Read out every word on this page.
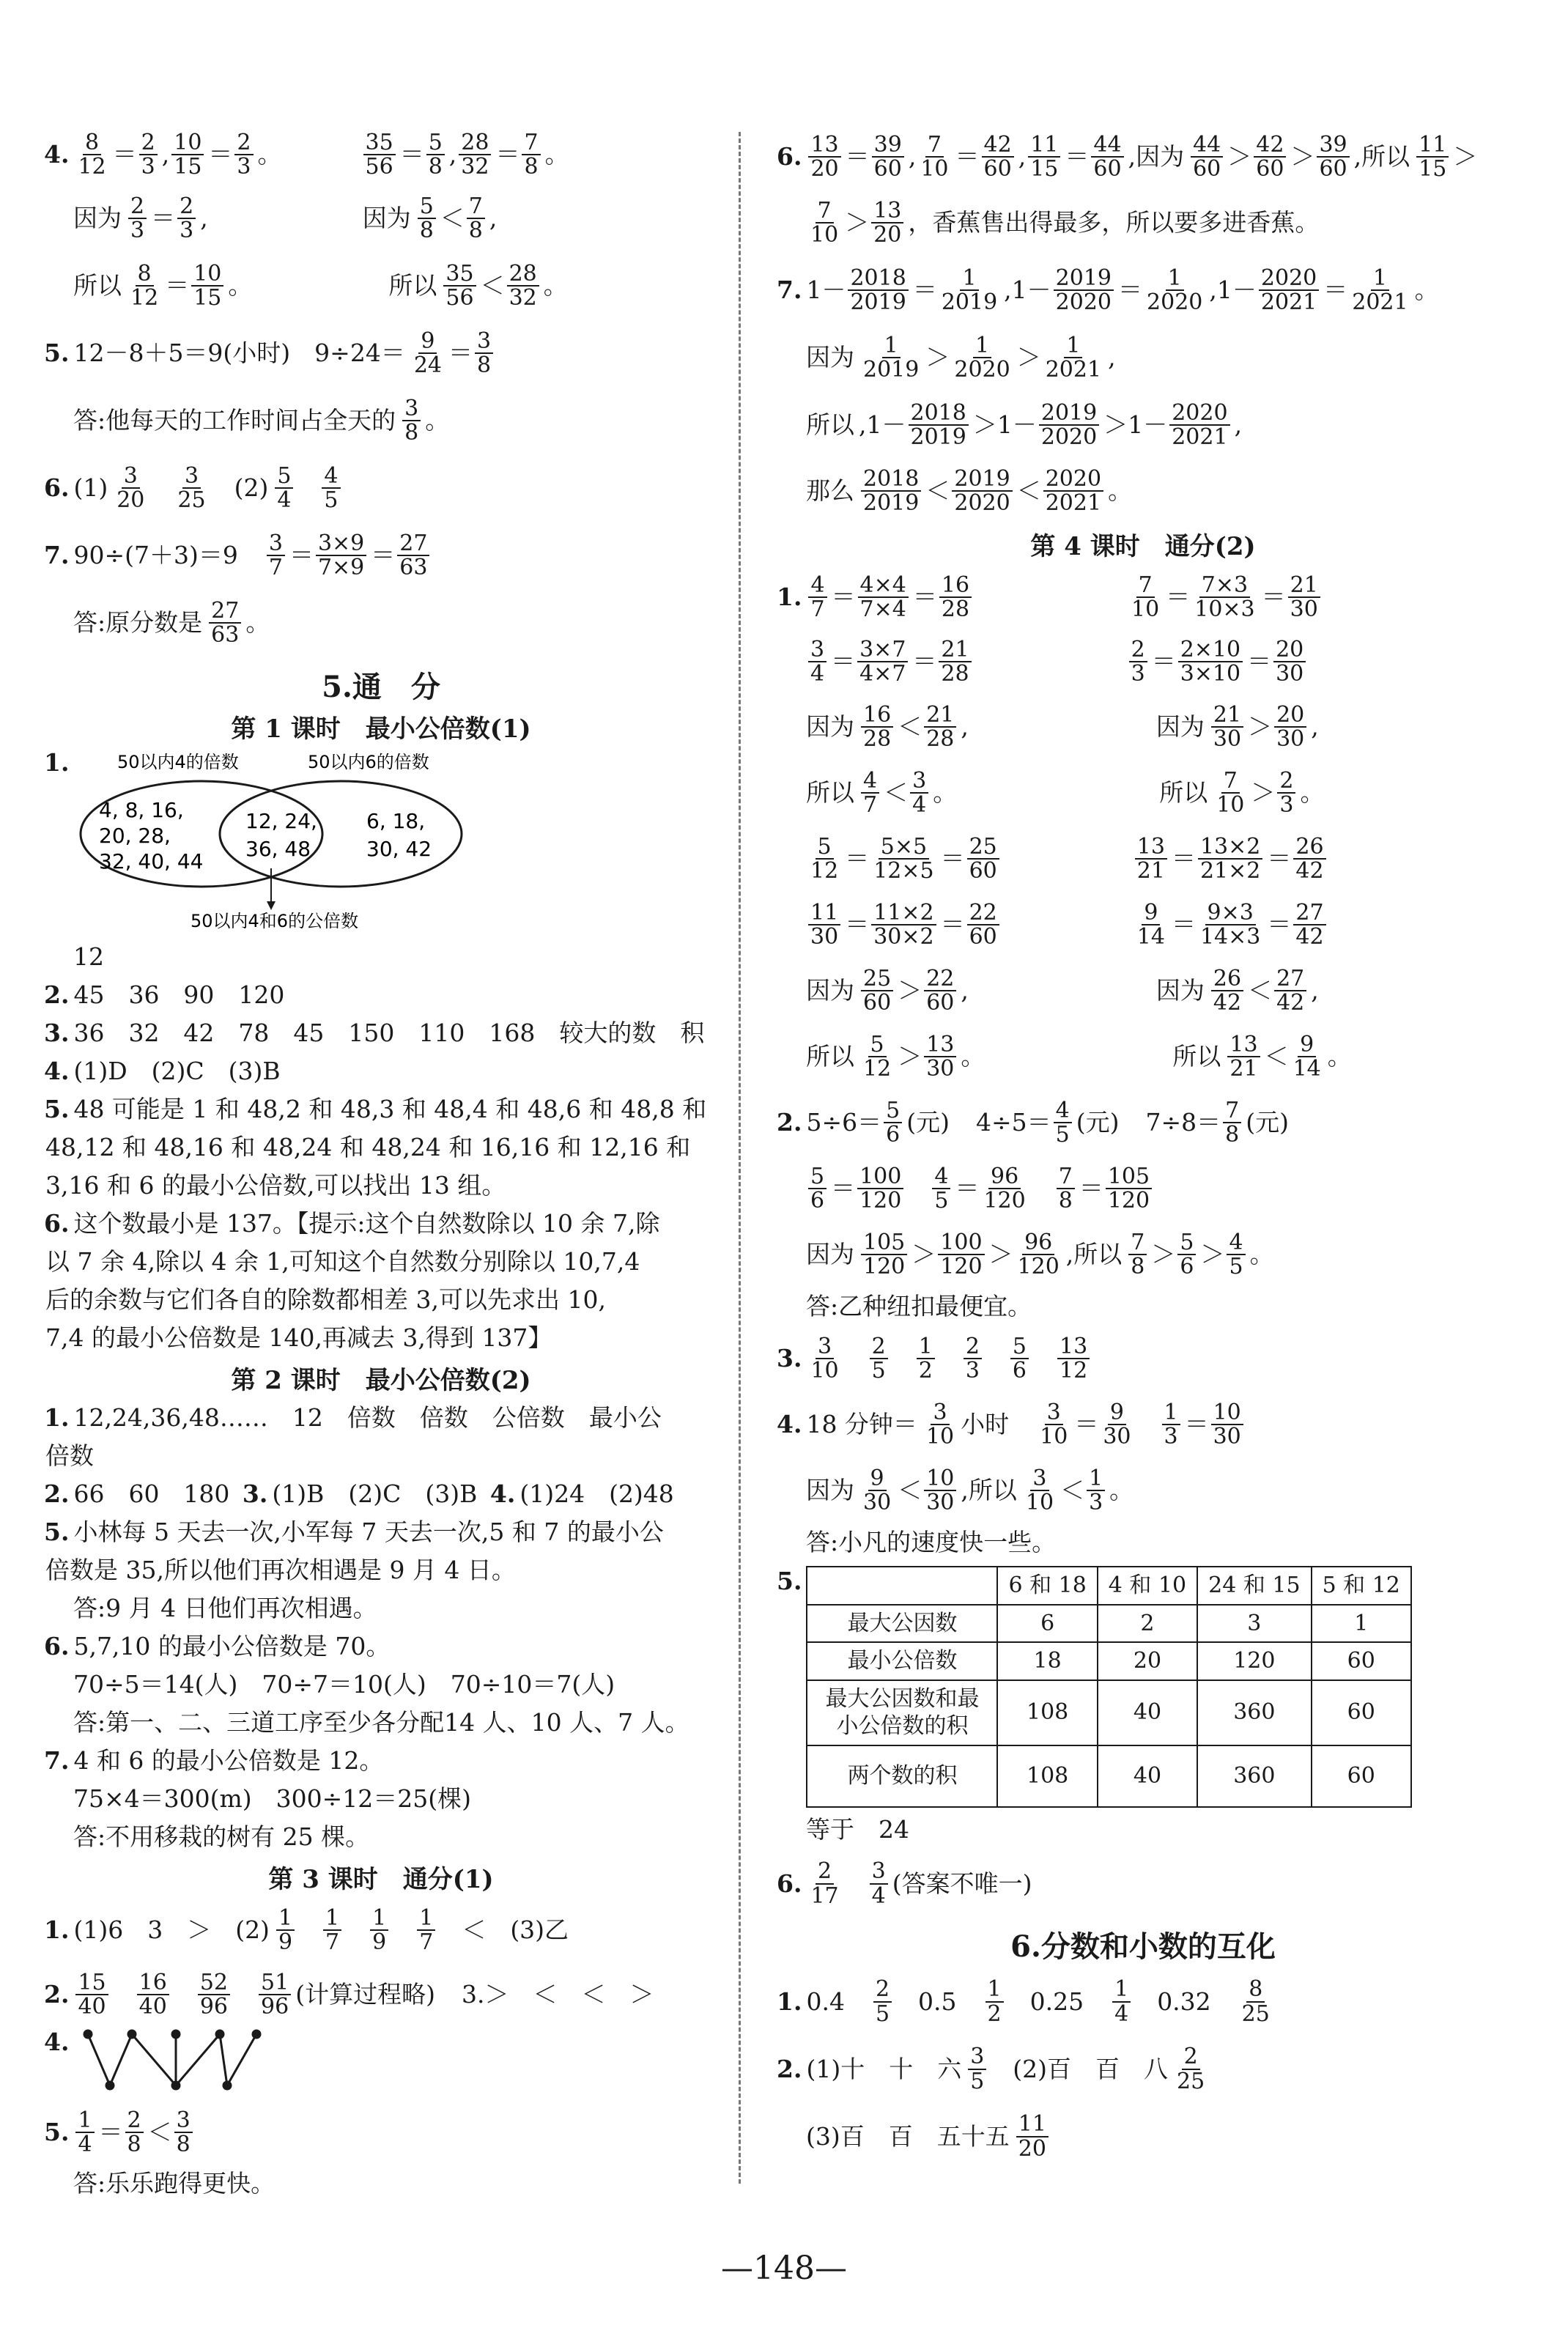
4. $\frac{8}{12} = \frac{2}{3}$ , $\frac{10}{15} = \frac{2}{3}$ 。	$\frac{35}{56} = \frac{5}{8}$ , $\frac{28}{32} = \frac{7}{8}$ 。
因为 $\frac{2}{3} = \frac{2}{3}$ ,	因为 $\frac{5}{8} < \frac{7}{8}$ ,
所以 $\frac{8}{12} = \frac{10}{15}$ 。	所以 $\frac{35}{56} < \frac{28}{32}$ 。
5. 12－8＋5＝9(小时)　$9\div 24= \frac{9}{24} = \frac{3}{8}$
答:他每天的工作时间占全天的 $\frac{3}{8}$ 。
6. $(1) \frac{3}{20} \frac{3}{25} (2) \frac{5}{4} \frac{4}{5}$
7. $90\div(7+3)=9 \frac{3}{7} = \frac{3\times 9}{7\times 9} = \frac{27}{63}$
答:原分数是 $\frac{27}{63}$ 。
5.通　分
第 1 课时　最小公倍数(1)
1.	50以内4的倍数	50以内6的倍数
4, 8, 16,
20, 28,
32, 40, 44
12, 24,
36, 48
6, 18,
30, 42
50以内4和6的公倍数
12
2. 45　36　90　120
3. 36　32　42　78　45　150　110　168　较大的数　积
4. (1)D　(2)C　(3)B
5. 48 可能是 1 和 48,2 和 48,3 和 48,4 和 48,6 和 48,8 和
48,12 和 48,16 和 48,24 和 48,24 和 16,16 和 12,16 和
3,16 和 6 的最小公倍数,可以找出 13 组。
6. 这个数最小是 137。【提示:这个自然数除以 10 余 7,除
以 7 余 4,除以 4 余 1,可知这个自然数分别除以 10,7,4
后的余数与它们各自的除数都相差 3,可以先求出 10,
7,4 的最小公倍数是 140,再减去 3,得到 137】
第 2 课时　最小公倍数(2)
1. 12,24,36,48……　12　倍数　倍数　公倍数　最小公
倍数
2. 66　60　180 3. (1)B　(2)C　(3)B 4. (1)24　(2)48
5. 小林每 5 天去一次,小军每 7 天去一次,5 和 7 的最小公
倍数是 35,所以他们再次相遇是 9 月 4 日。
答:9 月 4 日他们再次相遇。
6. 5,7,10 的最小公倍数是 70。
70÷5＝14(人)　70÷7＝10(人)　70÷10＝7(人)
答:第一、二、三道工序至少各分配14 人、10 人、7 人。
7. 4 和 6 的最小公倍数是 12。
75×4＝300(m)　300÷12＝25(棵)
答:不用移栽的树有 25 棵。
第 3 课时　通分(1)
1. (1)6　3　＞　$(2) \frac{1}{9} \frac{1}{7} \frac{1}{9} \frac{1}{7}$ ＜　(3)乙
2. $\frac{15}{40} \frac{16}{40} \frac{52}{96} \frac{51}{96}$ (计算过程略) 3.＞　＜　＜　＞
4.
5. $\frac{1}{4} = \frac{2}{8} < \frac{3}{8}$
答:乐乐跑得更快。
6. $\frac{13}{20} = \frac{39}{60}$ , $\frac{7}{10} = \frac{42}{60}$ , $\frac{11}{15} = \frac{44}{60}$ , 因为 $\frac{44}{60} > \frac{42}{60} > \frac{39}{60}$ , 所以 $\frac{11}{15}$ ＞
$\frac{7}{10} > \frac{13}{20}$ ，香蕉售出得最多，所以要多进香蕉。
7. $1- \frac{2018}{2019} = \frac{1}{2019} ,1- \frac{2019}{2020} = \frac{1}{2020} ,1- \frac{2020}{2021} = \frac{1}{2021}$ 。
因为 $\frac{1}{2019} > \frac{1}{2020} > \frac{1}{2021}$ ,
所以 $,1- \frac{2018}{2019} >1- \frac{2019}{2020} >1- \frac{2020}{2021}$ ,
那么 $\frac{2018}{2019} < \frac{2019}{2020} < \frac{2020}{2021}$ 。
第 4 课时　通分(2)
1. $\frac{4}{7} = \frac{4\times 4}{7\times 4} = \frac{16}{28}$	$\frac{7}{10} = \frac{7\times 3}{10\times 3} = \frac{21}{30}$
$\frac{3}{4} = \frac{3\times 7}{4\times 7} = \frac{21}{28}$	$\frac{2}{3} = \frac{2\times 10}{3\times 10} = \frac{20}{30}$
因为 $\frac{16}{28} < \frac{21}{28}$ ,	因为 $\frac{21}{30} > \frac{20}{30}$ ,
所以 $\frac{4}{7} < \frac{3}{4}$ 。	所以 $\frac{7}{10} > \frac{2}{3}$ 。
$\frac{5}{12} = \frac{5\times 5}{12\times 5} = \frac{25}{60}$	$\frac{13}{21} = \frac{13\times 2}{21\times 2} = \frac{26}{42}$
$\frac{11}{30} = \frac{11\times 2}{30\times 2} = \frac{22}{60}$	$\frac{9}{14} = \frac{9\times 3}{14\times 3} = \frac{27}{42}$
因为 $\frac{25}{60} > \frac{22}{60}$ ,	因为 $\frac{26}{42} < \frac{27}{42}$ ,
所以 $\frac{5}{12} > \frac{13}{30}$ 。	所以 $\frac{13}{21} < \frac{9}{14}$ 。
2. $5\div 6= \frac{5}{6}$ (元) $4\div 5= \frac{4}{5}$ (元) $7\div 8= \frac{7}{8}$ (元)
$\frac{5}{6} = \frac{100}{120} \frac{4}{5} = \frac{96}{120} \frac{7}{8} = \frac{105}{120}$
因为 $\frac{105}{120} > \frac{100}{120} > \frac{96}{120}$ , 所以 $\frac{7}{8} > \frac{5}{6} > \frac{4}{5}$ 。
答:乙种纽扣最便宜。
3. $\frac{3}{10} \frac{2}{5} \frac{1}{2} \frac{2}{3} \frac{5}{6} \frac{13}{12}$
4. 18 分钟＝ $\frac{3}{10}$ 小时 $\frac{3}{10} = \frac{9}{30} \frac{1}{3} = \frac{10}{30}$
因为 $\frac{9}{30} < \frac{10}{30}$ , 所以 $\frac{3}{10} < \frac{1}{3}$ 。
答:小凡的速度快一些。
5.
		6 和 18	4 和 10	24 和 15	5 和 12
最大公因数	6	2	3	1
最小公倍数	18	20	120	60
最大公因数和最小公倍数的积	108	40	360	60
两个数的积	108	40	360	60
等于　24
6. $\frac{2}{17} \frac{3}{4}$ (答案不唯一)
6.分数和小数的互化
1. $0.4 \frac{2}{5} 0.5 \frac{1}{2} 0.25 \frac{1}{4} 0.32 \frac{8}{25}$
2. (1)十　十　六 $\frac{3}{5} (2)$百　百　八 $\frac{2}{25}$
(3)百　百　五十五 $\frac{11}{20}$
—148—
